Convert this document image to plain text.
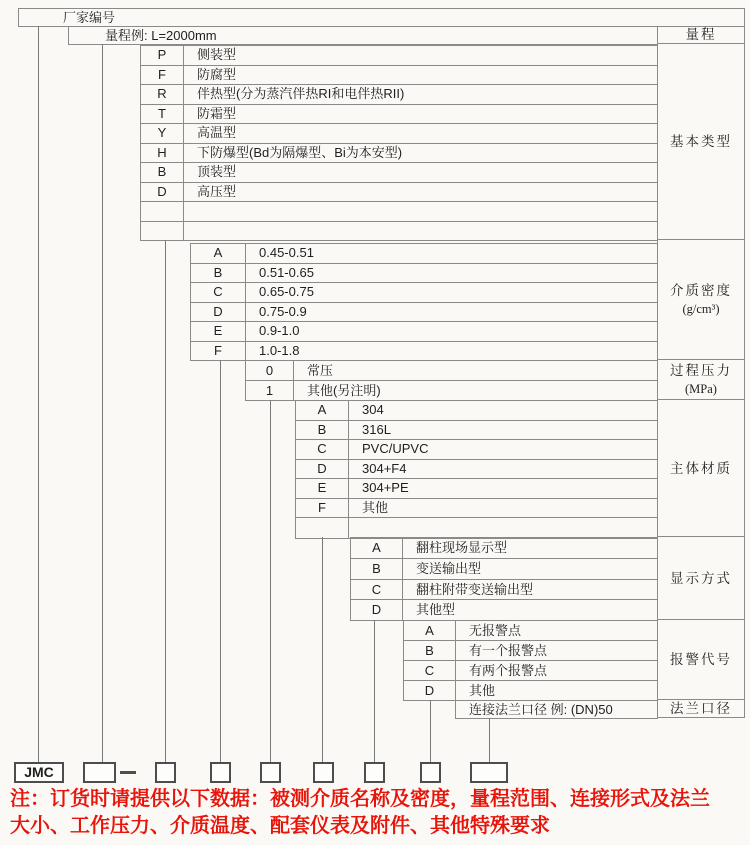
厂家编号
量程例: L=2000mm	量程
基本类型
介质密度
(g/cm³)
过程压力
(MPa)
主体材质
显示方式
报警代号
法兰口径
P	侧装型
F	防腐型
R	伴热型(分为蒸汽伴热RI和电伴热RII)
T	防霜型
Y	高温型
H	下防爆型(Bd为隔爆型、Bi为本安型)
B	顶装型
D	高压型
A	0.45-0.51
B	0.51-0.65
C	0.65-0.75
D	0.75-0.9
E	0.9-1.0
F	1.0-1.8
0	常压
1	其他(另注明)
A	304
B	316L
C	PVC/UPVC
D	304+F4
E	304+PE
F	其他
A	翻柱现场显示型
B	变送输出型
C	翻柱附带变送输出型
D	其他型
A	无报警点
B	有一个报警点
C	有两个报警点
D	其他
连接法兰口径 例: (DN)50
JMC
注：订货时请提供以下数据：被测介质名称及密度，量程范围、连接形式及法兰
大小、工作压力、介质温度、配套仪表及附件、其他特殊要求
